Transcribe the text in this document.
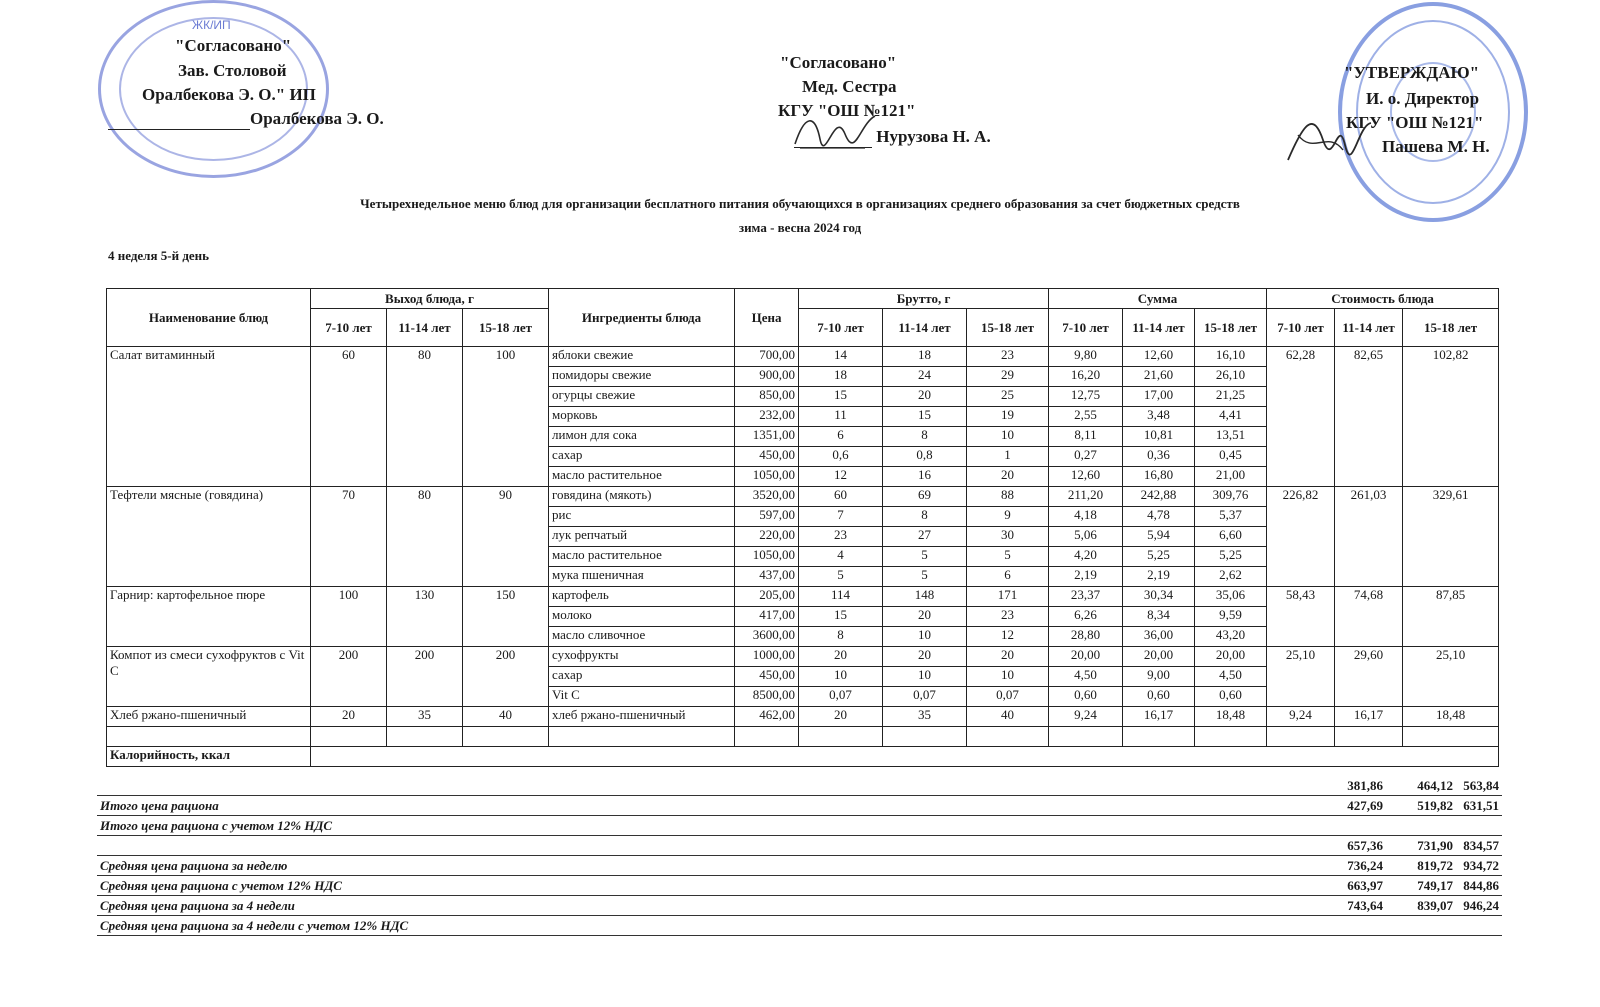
ЖК/ИП
"Согласовано"
Зав. Столовой
Оралбекова Э. О." ИП
Оралбекова Э. О.
"Согласовано"
Мед. Сестра
КГУ "ОШ №121"
Нурузова Н. А.
"УТВЕРЖДАЮ"
И. о. Директор
КГУ "ОШ №121"
Пашева М. Н.
Четырехнедельное меню блюд для организации бесплатного питания обучающихся в организациях среднего образования за счет бюджетных средств
зима - весна 2024 год
4 неделя 5-й день
Наименование блюд	Выход блюда, г			Ингредиенты блюда	Цена	Брутто, г			Сумма			Стоимость блюда		
	7-10 лет	11-14 лет	15-18 лет			7-10 лет	11-14 лет	15-18 лет	7-10 лет	11-14 лет	15-18 лет	7-10 лет	11-14 лет	15-18 лет
Салат витаминный	60	80	100	яблоки свежие	700,00	14	18	23	9,80	12,60	16,10	62,28	82,65	102,82
				помидоры свежие	900,00	18	24	29	16,20	21,60	26,10			
				огурцы свежие	850,00	15	20	25	12,75	17,00	21,25			
				морковь	232,00	11	15	19	2,55	3,48	4,41			
				лимон для сока	1351,00	6	8	10	8,11	10,81	13,51			
				сахар	450,00	0,6	0,8	1	0,27	0,36	0,45			
				масло растительное	1050,00	12	16	20	12,60	16,80	21,00			
Тефтели мясные (говядина)	70	80	90	говядина (мякоть)	3520,00	60	69	88	211,20	242,88	309,76	226,82	261,03	329,61
				рис	597,00	7	8	9	4,18	4,78	5,37			
				лук репчатый	220,00	23	27	30	5,06	5,94	6,60			
				масло растительное	1050,00	4	5	5	4,20	5,25	5,25			
				мука пшеничная	437,00	5	5	6	2,19	2,19	2,62			
Гарнир: картофельное пюре	100	130	150	картофель	205,00	114	148	171	23,37	30,34	35,06	58,43	74,68	87,85
				молоко	417,00	15	20	23	6,26	8,34	9,59			
				масло сливочное	3600,00	8	10	12	28,80	36,00	43,20			
Компот из смеси сухофруктов с Vit C	200	200	200	сухофрукты	1000,00	20	20	20	20,00	20,00	20,00	25,10	29,60	25,10
				сахар	450,00	10	10	10	4,50	9,00	4,50			
				Vit C	8500,00	0,07	0,07	0,07	0,60	0,60	0,60			
Хлеб ржано-пшеничный	20	35	40	хлеб ржано-пшеничный	462,00	20	35	40	9,24	16,17	18,48	9,24	16,17	18,48

Калорийность, ккал														
381,86	464,12 563,84
Итого цена рациона	427,69	519,82 631,51
Итого цена рациона с учетом 12% НДС
657,36	731,90 834,57
Средняя цена рациона за неделю	736,24	819,72 934,72
Средняя цена рациона с учетом 12% НДС	663,97	749,17 844,86
Средняя цена рациона за 4 недели	743,64	839,07 946,24
Средняя цена рациона за 4 недели с учетом 12% НДС
